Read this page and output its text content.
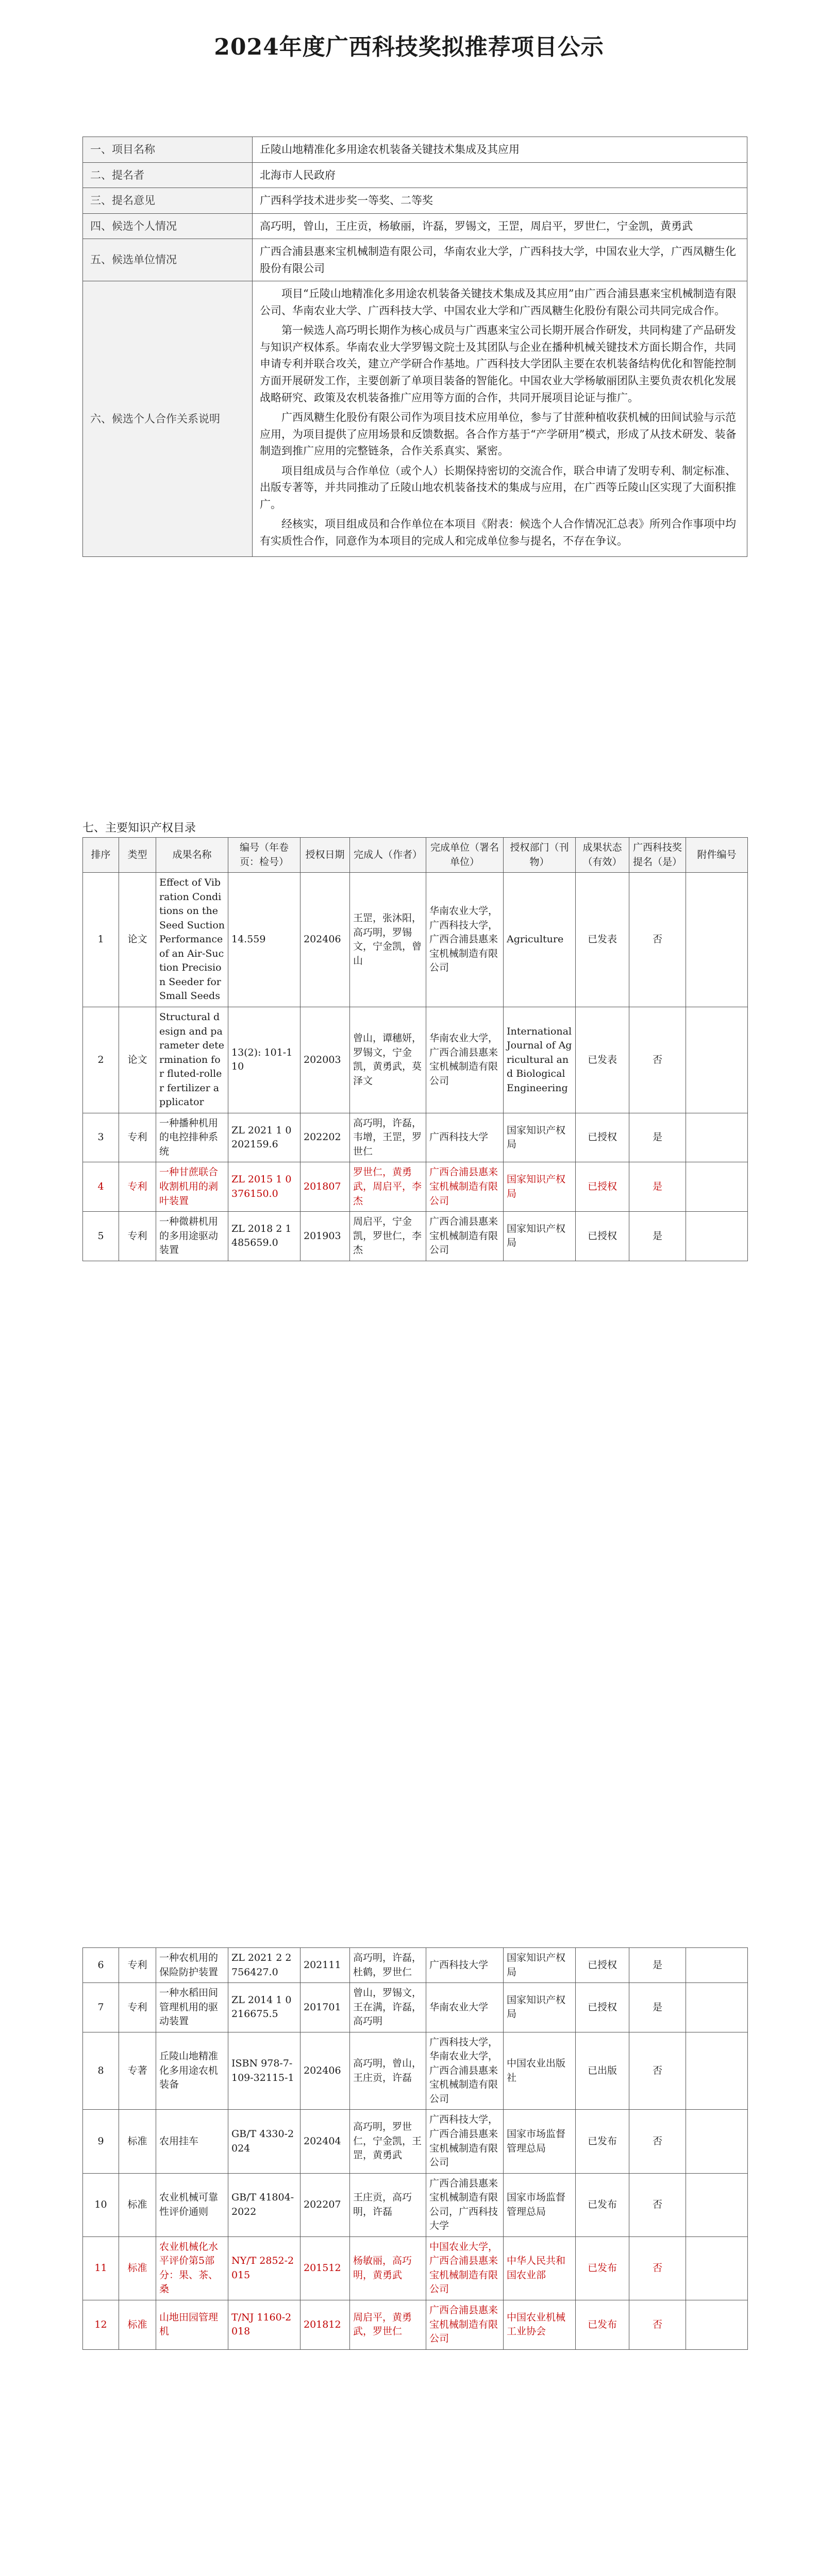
2024年度广西科技奖拟推荐项目公示
一、项目名称	丘陵山地精准化多用途农机装备关键技术集成及其应用
二、提名者	北海市人民政府
三、提名意见	广西科学技术进步奖一等奖、二等奖
四、候选个人情况	高巧明，曾山，王庄贡，杨敏丽，许磊，罗锡文，王罡，周启平，罗世仁，宁金凯，黄勇武
五、候选单位情况	广西合浦县惠来宝机械制造有限公司，华南农业大学，广西科技大学，中国农业大学，广西凤糖生化股份有限公司
六、候选个人合作关系说明	项目“丘陵山地精准化多用途农机装备关键技术集成及其应用”由广西合浦县惠来宝机械制造有限公司、华南农业大学、广西科技大学、中国农业大学和广西凤糖生化股份有限公司共同完成合作。

第一候选人高巧明长期作为核心成员与广西惠来宝公司长期开展合作研发，共同构建了产品研发与知识产权体系。华南农业大学罗锡文院士及其团队与企业在播种机械关键技术方面长期合作，共同申请专利并联合攻关，建立产学研合作基地。广西科技大学团队主要在农机装备结构优化和智能控制方面开展研发工作，主要创新了单项目装备的智能化。中国农业大学杨敏丽团队主要负责农机化发展战略研究、政策及农机装备推广应用等方面的合作，共同开展项目论证与推广。

广西凤糖生化股份有限公司作为项目技术应用单位，参与了甘蔗种植收获机械的田间试验与示范应用，为项目提供了应用场景和反馈数据。各合作方基于“产学研用”模式，形成了从技术研发、装备制造到推广应用的完整链条，合作关系真实、紧密。

项目组成员与合作单位（或个人）长期保持密切的交流合作，联合申请了发明专利、制定标准、出版专著等，并共同推动了丘陵山地农机装备技术的集成与应用，在广西等丘陵山区实现了大面积推广。

经核实，项目组成员和合作单位在本项目《附表：候选个人合作情况汇总表》所列合作事项中均有实质性合作，同意作为本项目的完成人和完成单位参与提名，不存在争议。

七、主要知识产权目录
排序	类型	成果名称	编号（年卷页：检号）	授权日期	完成人（作者）	完成单位（署名单位）	授权部门（刊物）	成果状态（有效）	广西科技奖提名（是）	附件编号
1	论文	Effect of Vibration Conditions on the Seed Suction Performance of an Air-Suction Precision Seeder for Small Seeds	14.559	202406	王罡，张沐阳，高巧明，罗锡文，宁金凯，曾山	华南农业大学，广西科技大学，广西合浦县惠来宝机械制造有限公司	Agriculture	已发表	否	
2	论文	Structural design and parameter determination for fluted-roller fertilizer applicator	13(2): 101-110	202003	曾山，谭穗妍，罗锡文，宁金凯，黄勇武，莫泽文	华南农业大学，广西合浦县惠来宝机械制造有限公司	International Journal of Agricultural and Biological Engineering	已发表	否	
3	专利	一种播种机用的电控排种系统	ZL 2021 1 0202159.6	202202	高巧明，许磊，韦增，王罡，罗世仁	广西科技大学	国家知识产权局	已授权	是	
4	专利	一种甘蔗联合收割机用的剥叶装置	ZL 2015 1 0376150.0	201807	罗世仁，黄勇武，周启平，李杰	广西合浦县惠来宝机械制造有限公司	国家知识产权局	已授权	是	
5	专利	一种微耕机用的多用途驱动装置	ZL 2018 2 1485659.0	201903	周启平，宁金凯，罗世仁，李杰	广西合浦县惠来宝机械制造有限公司	国家知识产权局	已授权	是	
6	专利	一种农机用的保险防护装置	ZL 2021 2 2756427.0	202111	高巧明，许磊，杜鹤，罗世仁	广西科技大学	国家知识产权局	已授权	是	
7	专利	一种水稻田间管理机用的驱动装置	ZL 2014 1 0216675.5	201701	曾山，罗锡文，王在满，许磊，高巧明	华南农业大学	国家知识产权局	已授权	是	
8	专著	丘陵山地精准化多用途农机装备	ISBN 978-7-109-32115-1	202406	高巧明，曾山，王庄贡，许磊	广西科技大学，华南农业大学，广西合浦县惠来宝机械制造有限公司	中国农业出版社	已出版	否	
9	标准	农用挂车	GB/T 4330-2024	202404	高巧明，罗世仁，宁金凯，王罡，黄勇武	广西科技大学，广西合浦县惠来宝机械制造有限公司	国家市场监督管理总局	已发布	否	
10	标准	农业机械可靠性评价通则	GB/T 41804-2022	202207	王庄贡，高巧明，许磊	广西合浦县惠来宝机械制造有限公司，广西科技大学	国家市场监督管理总局	已发布	否	
11	标准	农业机械化水平评价第5部分：果、茶、桑	NY/T 2852-2015	201512	杨敏丽，高巧明，黄勇武	中国农业大学，广西合浦县惠来宝机械制造有限公司	中华人民共和国农业部	已发布	否	
12	标准	山地田园管理机	T/NJ 1160-2018	201812	周启平，黄勇武，罗世仁	广西合浦县惠来宝机械制造有限公司	中国农业机械工业协会	已发布	否	
